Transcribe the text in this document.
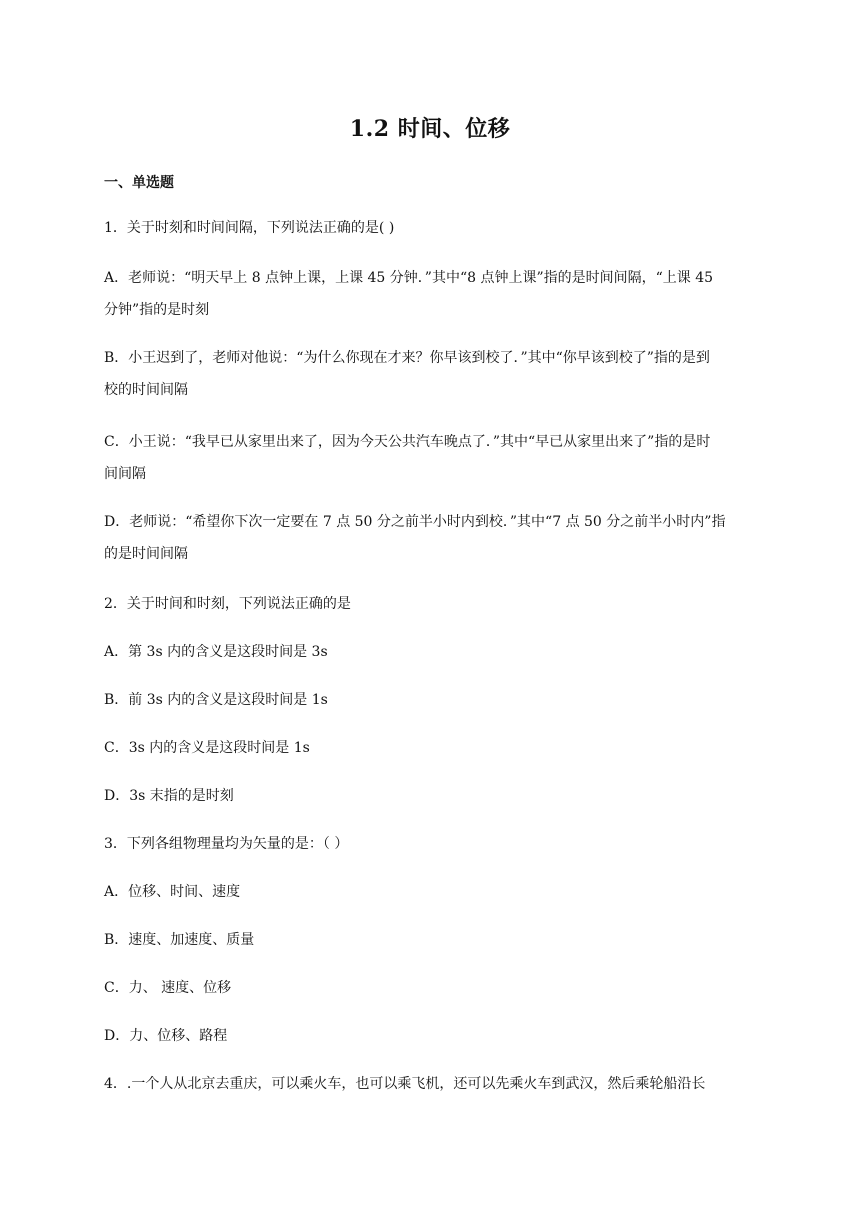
1.2 时间、位移
一、单选题
1．关于时刻和时间间隔，下列说法正确的是( )
A．老师说：“明天早上 8 点钟上课，上课 45 分钟．”其中“8 点钟上课”指的是时间间隔，“上课 45
分钟”指的是时刻
B．小王迟到了，老师对他说：“为什么你现在才来？你早该到校了．”其中“你早该到校了”指的是到
校的时间间隔
C．小王说：“我早已从家里出来了，因为今天公共汽车晚点了．”其中“早已从家里出来了”指的是时
间间隔
D．老师说：“希望你下次一定要在 7 点 50 分之前半小时内到校．”其中“7 点 50 分之前半小时内”指
的是时间间隔
2．关于时间和时刻，下列说法正确的是
A．第 3s 内的含义是这段时间是 3s
B．前 3s 内的含义是这段时间是 1s
C．3s 内的含义是这段时间是 1s
D．3s 末指的是时刻
3．下列各组物理量均为矢量的是：（ ）
A．位移、时间、速度
B．速度、加速度、质量
C．力、 速度、位移
D．力、位移、路程
4．.一个人从北京去重庆，可以乘火车，也可以乘飞机，还可以先乘火车到武汉，然后乘轮船沿长
